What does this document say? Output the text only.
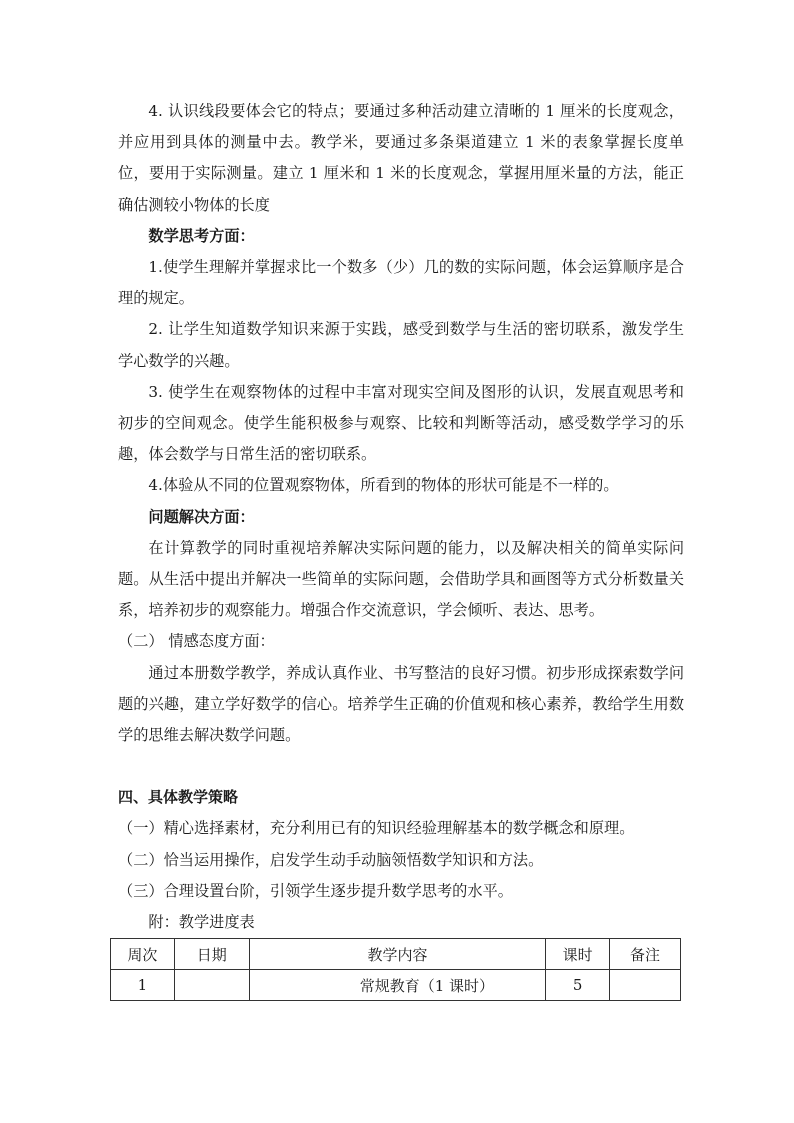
4. 认识线段要体会它的特点；要通过多种活动建立清晰的 1 厘米的长度观念，并应用到具体的测量中去。教学米，要通过多条渠道建立 1 米的表象掌握长度单位，要用于实际测量。建立 1 厘米和 1 米的长度观念，掌握用厘米量的方法，能正确估测较小物体的长度

数学思考方面：

1.使学生理解并掌握求比一个数多（少）几的数的实际问题，体会运算顺序是合理的规定。

2. 让学生知道数学知识来源于实践，感受到数学与生活的密切联系，激发学生学心数学的兴趣。

3. 使学生在观察物体的过程中丰富对现实空间及图形的认识，发展直观思考和初步的空间观念。使学生能积极参与观察、比较和判断等活动，感受数学学习的乐趣，体会数学与日常生活的密切联系。

4.体验从不同的位置观察物体，所看到的物体的形状可能是不一样的。

问题解决方面：

在计算教学的同时重视培养解决实际问题的能力，以及解决相关的简单实际问题。从生活中提出并解决一些简单的实际问题，会借助学具和画图等方式分析数量关系，培养初步的观察能力。增强合作交流意识，学会倾听、表达、思考。

（二） 情感态度方面：

通过本册数学教学，养成认真作业、书写整洁的良好习惯。初步形成探索数学问题的兴趣，建立学好数学的信心。培养学生正确的价值观和核心素养，教给学生用数学的思维去解决数学问题。

四、具体教学策略

（一）精心选择素材，充分利用已有的知识经验理解基本的数学概念和原理。

（二）恰当运用操作，启发学生动手动脑领悟数学知识和方法。

（三）合理设置台阶，引领学生逐步提升数学思考的水平。

附：教学进度表

周次	日期	教学内容	课时	备注
1		常规教育（1 课时）	5	
